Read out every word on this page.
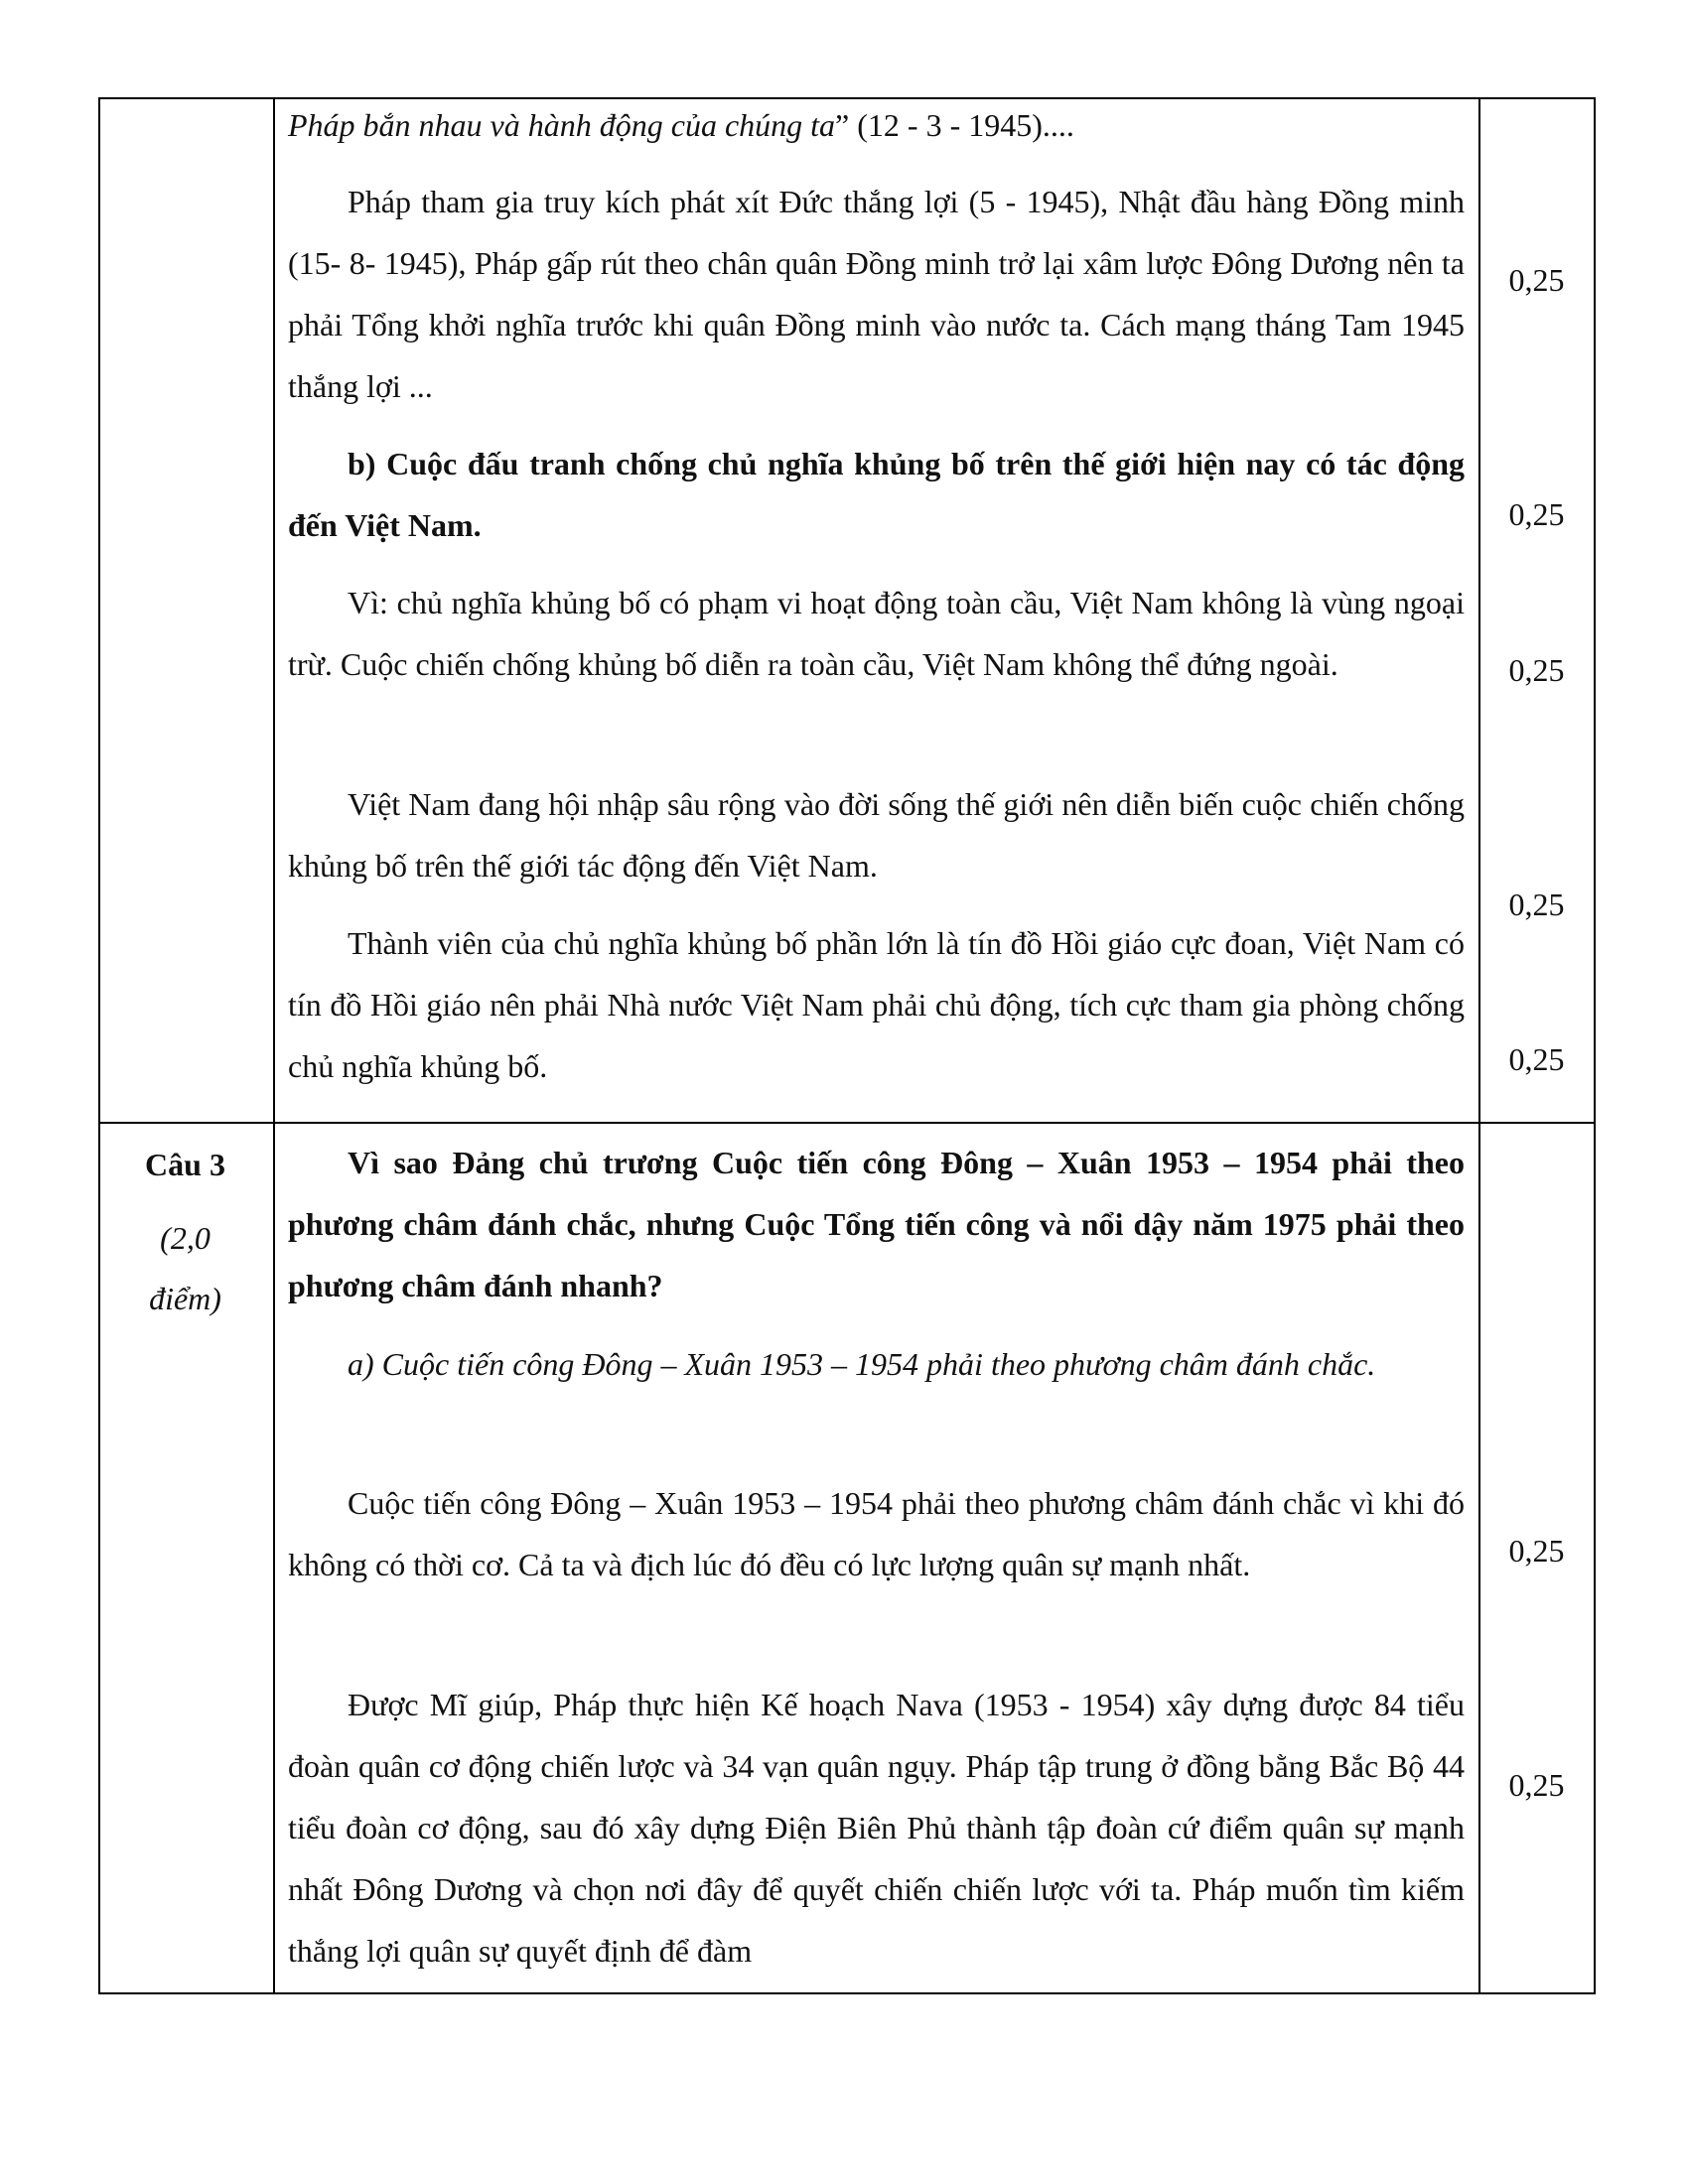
Pháp bắn nhau và hành động của chúng ta” (12 - 3 - 1945)....

Pháp tham gia truy kích phát xít Đức thắng lợi (5 - 1945), Nhật đầu hàng Đồng minh (15- 8- 1945), Pháp gấp rút theo chân quân Đồng minh trở lại xâm lược Đông Dương nên ta phải Tổng khởi nghĩa trước khi quân Đồng minh vào nước ta. Cách mạng tháng Tam 1945 thắng lợi ...

b) Cuộc đấu tranh chống chủ nghĩa khủng bố trên thế giới hiện nay có tác động đến Việt Nam.

Vì: chủ nghĩa khủng bố có phạm vi hoạt động toàn cầu, Việt Nam không là vùng ngoại trừ. Cuộc chiến chống khủng bố diễn ra toàn cầu, Việt Nam không thể đứng ngoài.

Việt Nam đang hội nhập sâu rộng vào đời sống thế giới nên diễn biến cuộc chiến chống khủng bố trên thế giới tác động đến Việt Nam.

Thành viên của chủ nghĩa khủng bố phần lớn là tín đồ Hồi giáo cực đoan, Việt Nam có tín đồ Hồi giáo nên phải Nhà nước Việt Nam phải chủ động, tích cực tham gia phòng chống chủ nghĩa khủng bố.

0,25
0,25
0,25
0,25
0,25
Câu 3
(2,0
điểm)

Vì sao Đảng chủ trương Cuộc tiến công Đông – Xuân 1953 – 1954 phải theo phương châm đánh chắc, nhưng Cuộc Tổng tiến công và nổi dậy năm 1975 phải theo phương châm đánh nhanh?

a) Cuộc tiến công Đông – Xuân 1953 – 1954 phải theo phương châm đánh chắc.

Cuộc tiến công Đông – Xuân 1953 – 1954 phải theo phương châm đánh chắc vì khi đó không có thời cơ. Cả ta và địch lúc đó đều có lực lượng quân sự mạnh nhất.

Được Mĩ giúp, Pháp thực hiện Kế hoạch Nava (1953 - 1954) xây dựng được 84 tiểu đoàn quân cơ động chiến lược và 34 vạn quân ngụy. Pháp tập trung ở đồng bằng Bắc Bộ 44 tiểu đoàn cơ động, sau đó xây dựng Điện Biên Phủ thành tập đoàn cứ điểm quân sự mạnh nhất Đông Dương và chọn nơi đây để quyết chiến chiến lược với ta. Pháp muốn tìm kiếm thắng lợi quân sự quyết định để đàm

0,25
0,25
